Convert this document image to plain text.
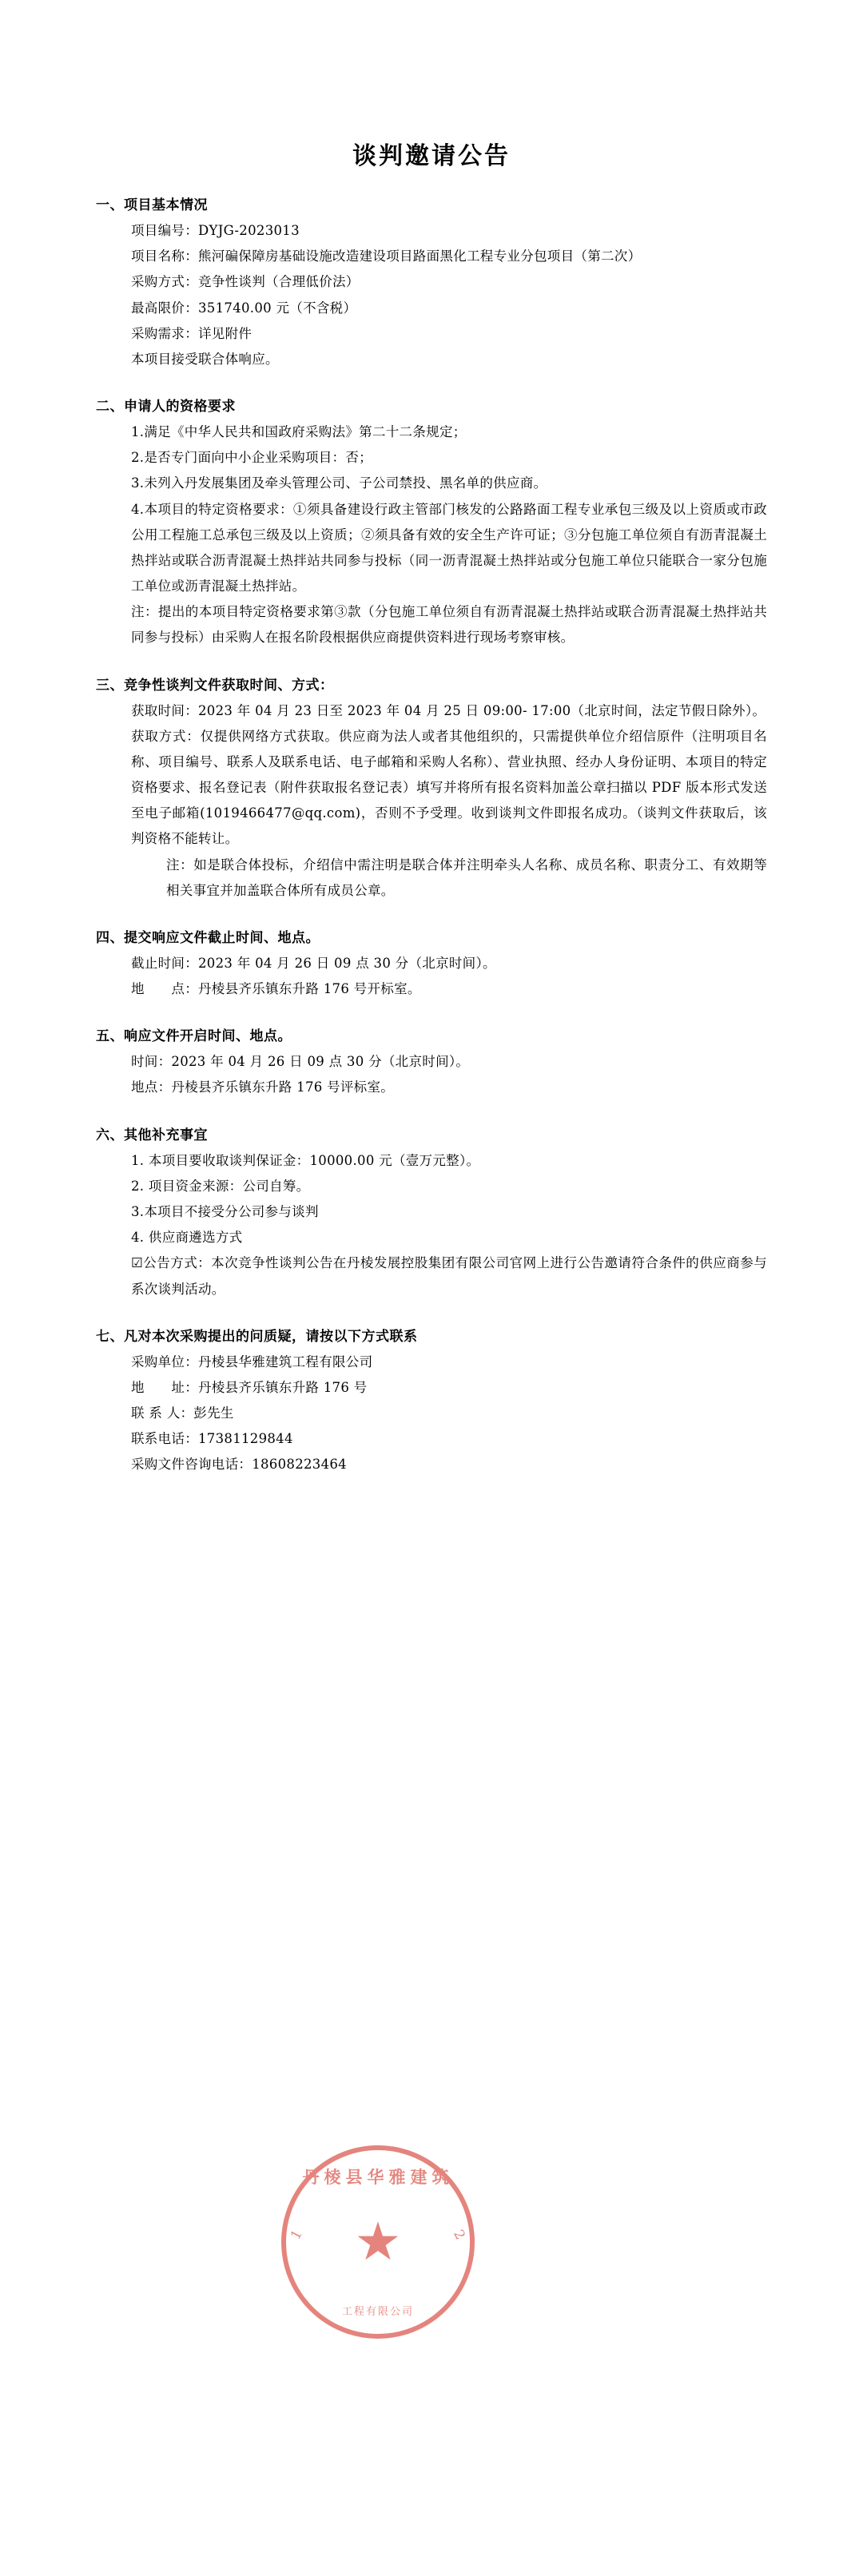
谈判邀请公告
一、项目基本情况

项目编号：DYJG-2023013

项目名称：熊河碥保障房基础设施改造建设项目路面黑化工程专业分包项目（第二次）

采购方式：竞争性谈判（合理低价法）

最高限价：351740.00 元（不含税）

采购需求：详见附件

本项目接受联合体响应。

二、申请人的资格要求

1.满足《中华人民共和国政府采购法》第二十二条规定；

2.是否专门面向中小企业采购项目：否；

3.未列入丹发展集团及牵头管理公司、子公司禁投、黑名单的供应商。

4.本项目的特定资格要求：①须具备建设行政主管部门核发的公路路面工程专业承包三级及以上资质或市政公用工程施工总承包三级及以上资质；②须具备有效的安全生产许可证；③分包施工单位须自有沥青混凝土热拌站或联合沥青混凝土热拌站共同参与投标（同一沥青混凝土热拌站或分包施工单位只能联合一家分包施工单位或沥青混凝土热拌站。

注：提出的本项目特定资格要求第③款（分包施工单位须自有沥青混凝土热拌站或联合沥青混凝土热拌站共同参与投标）由采购人在报名阶段根据供应商提供资料进行现场考察审核。

三、竞争性谈判文件获取时间、方式：

获取时间：2023 年 04 月 23 日至 2023 年 04 月 25 日 09:00- 17:00（北京时间，法定节假日除外）。

获取方式：仅提供网络方式获取。供应商为法人或者其他组织的，只需提供单位介绍信原件（注明项目名称、项目编号、联系人及联系电话、电子邮箱和采购人名称）、营业执照、经办人身份证明、本项目的特定资格要求、报名登记表（附件获取报名登记表）填写并将所有报名资料加盖公章扫描以 PDF 版本形式发送至电子邮箱(1019466477@qq.com)，否则不予受理。收到谈判文件即报名成功。（谈判文件获取后，该判资格不能转让。

注：如是联合体投标，介绍信中需注明是联合体并注明牵头人名称、成员名称、职责分工、有效期等相关事宜并加盖联合体所有成员公章。

四、提交响应文件截止时间、地点。

截止时间：2023 年 04 月 26 日 09 点 30 分（北京时间）。

地　　点：丹棱县齐乐镇东升路 176 号开标室。

五、响应文件开启时间、地点。

时间：2023 年 04 月 26 日 09 点 30 分（北京时间）。

地点：丹棱县齐乐镇东升路 176 号评标室。

六、其他补充事宜

1. 本项目要收取谈判保证金：10000.00 元（壹万元整）。

2. 项目资金来源：公司自筹。

3.本项目不接受分公司参与谈判

4. 供应商遴选方式

☑公告方式：本次竞争性谈判公告在丹棱发展控股集团有限公司官网上进行公告邀请符合条件的供应商参与系次谈判活动。

七、凡对本次采购提出的问质疑，请按以下方式联系

采购单位：丹棱县华雅建筑工程有限公司

地　　址：丹棱县齐乐镇东升路 176 号

联 系 人：彭先生

联系电话：17381129844

采购文件咨询电话：18608223464

丹棱县华雅建筑
★
1	2
工程有限公司
